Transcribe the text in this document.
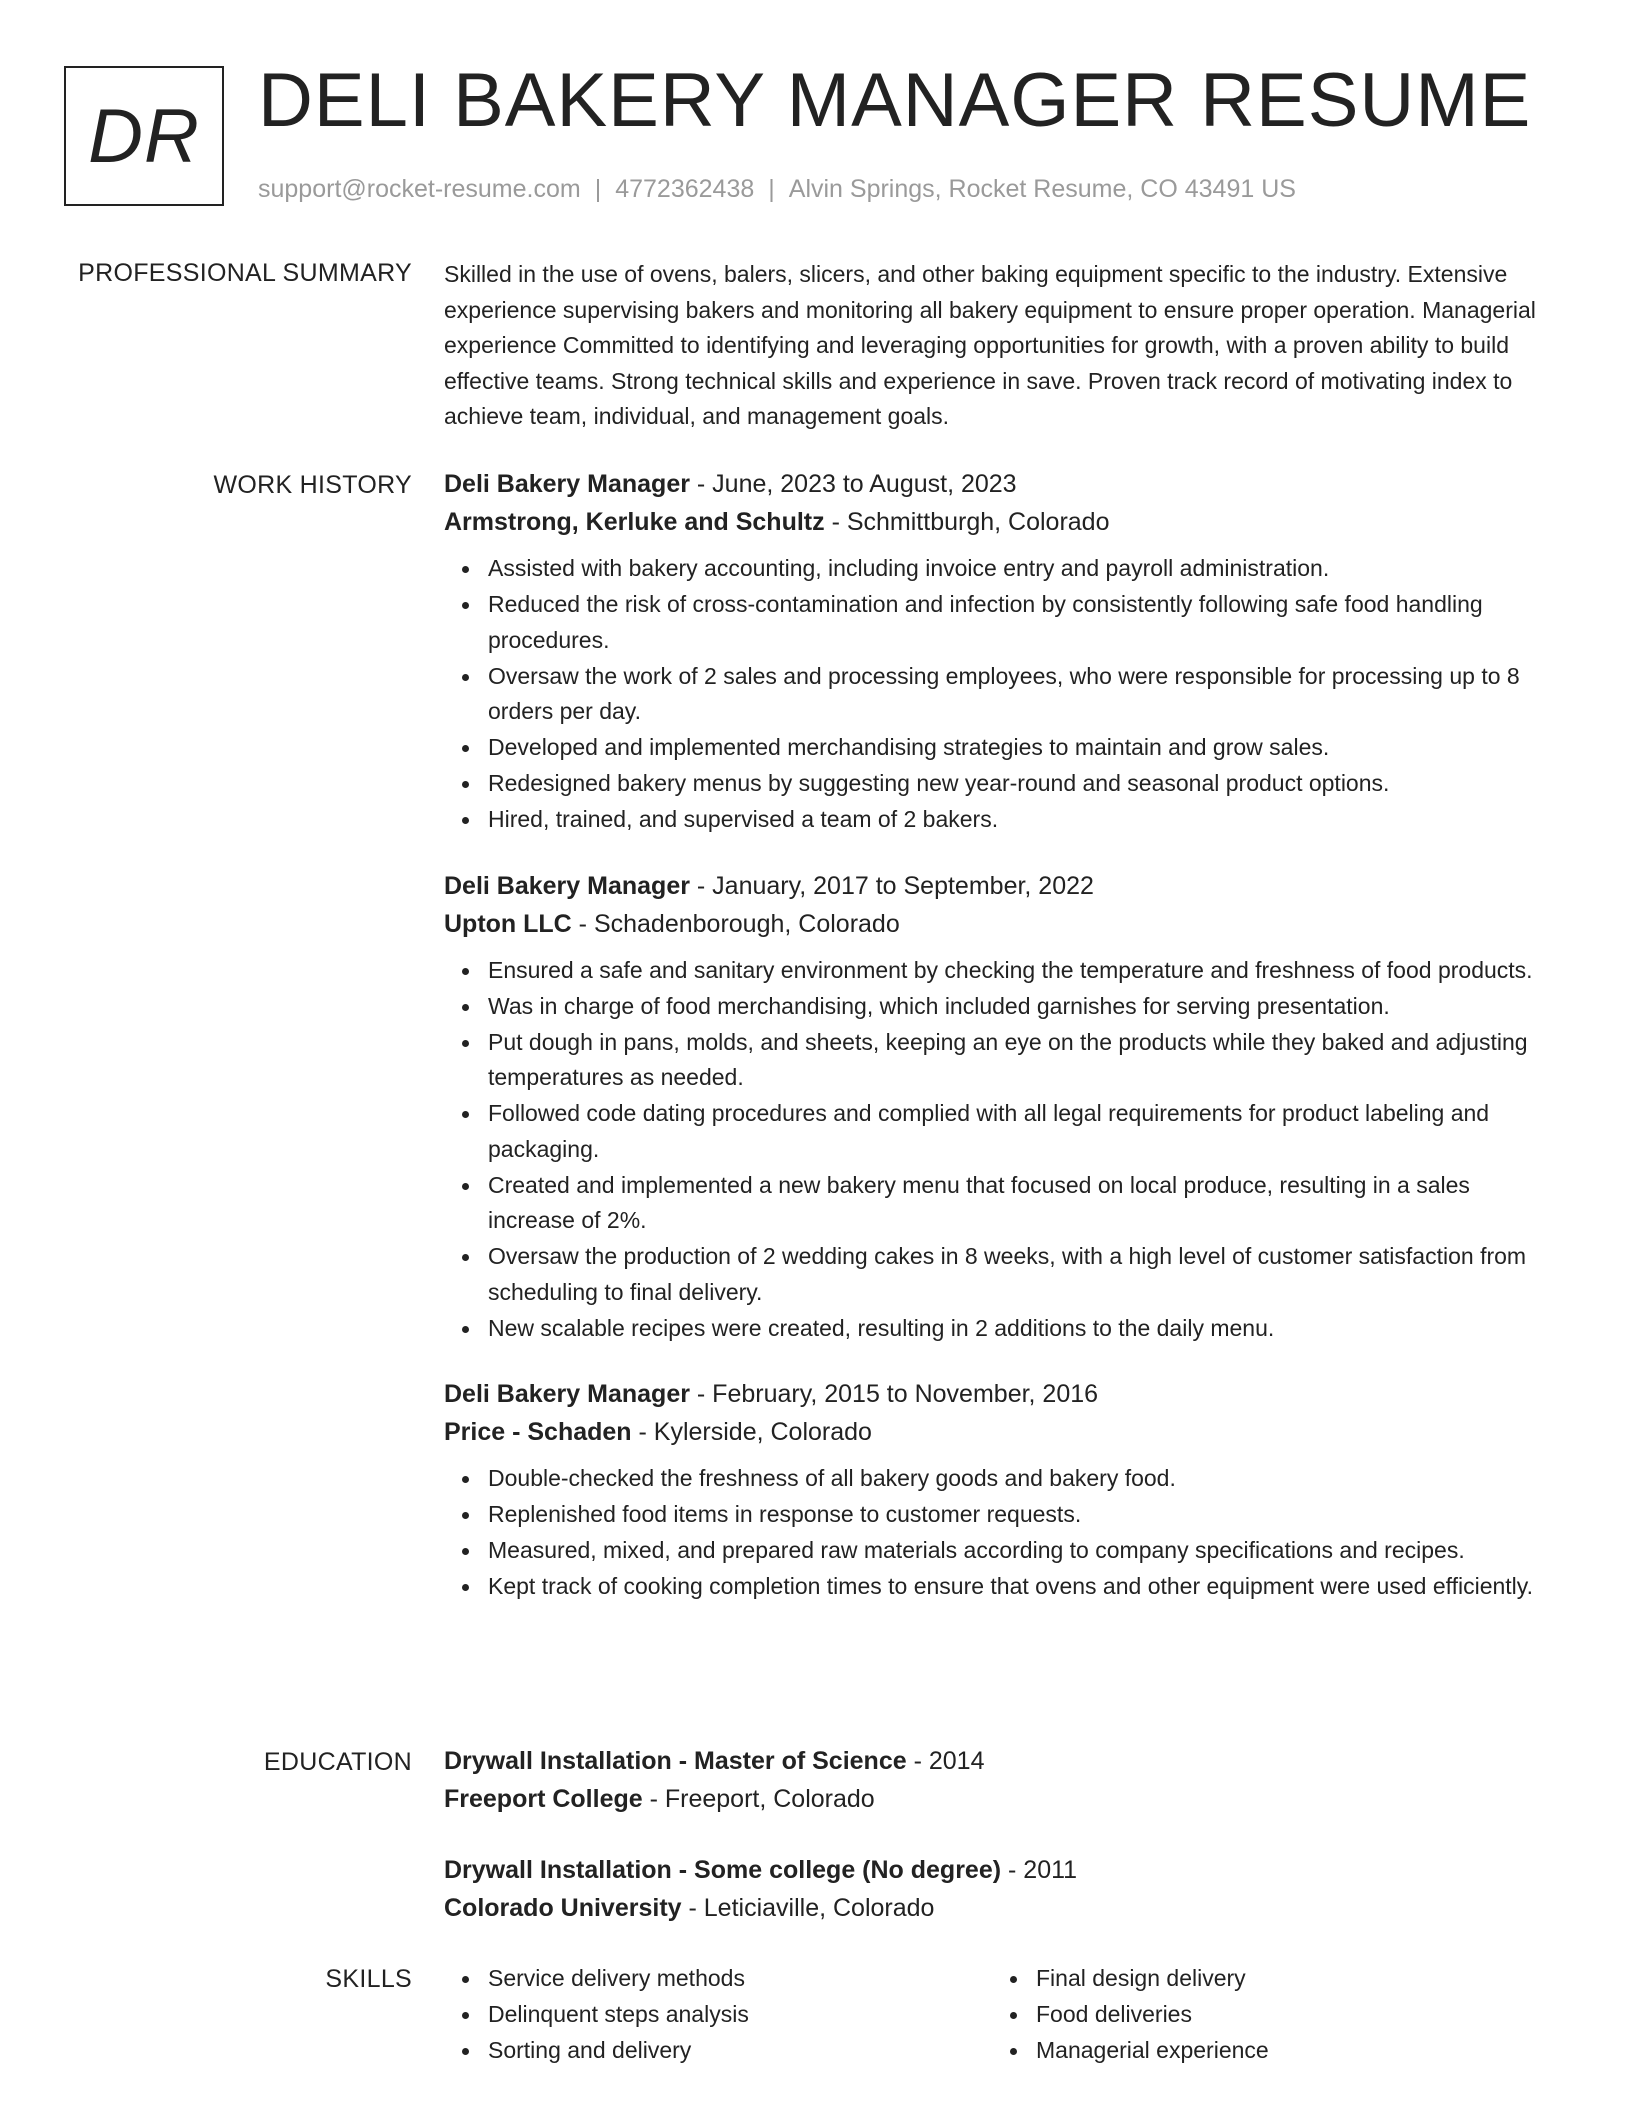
DR DELI BAKERY MANAGER RESUME
support@rocket-resume.com | 4772362438 | Alvin Springs, Rocket Resume, CO 43491 US
PROFESSIONAL SUMMARY Skilled in the use of ovens, balers, slicers, and other baking equipment specific to the industry. Extensive experience supervising bakers and monitoring all bakery equipment to ensure proper operation. Managerial experience Committed to identifying and leveraging opportunities for growth, with a proven ability to build effective teams. Strong technical skills and experience in save. Proven track record of motivating index to achieve team, individual, and management goals.

WORK HISTORY Deli Bakery Manager - June, 2023 to August, 2023
Armstrong, Kerluke and Schultz - Schmittburgh, Colorado
Assisted with bakery accounting, including invoice entry and payroll administration.
Reduced the risk of cross-contamination and infection by consistently following safe food handling procedures.
Oversaw the work of 2 sales and processing employees, who were responsible for processing up to 8 orders per day.
Developed and implemented merchandising strategies to maintain and grow sales.
Redesigned bakery menus by suggesting new year-round and seasonal product options.
Hired, trained, and supervised a team of 2 bakers.
Deli Bakery Manager - January, 2017 to September, 2022
Upton LLC - Schadenborough, Colorado
Ensured a safe and sanitary environment by checking the temperature and freshness of food products.
Was in charge of food merchandising, which included garnishes for serving presentation.
Put dough in pans, molds, and sheets, keeping an eye on the products while they baked and adjusting temperatures as needed.
Followed code dating procedures and complied with all legal requirements for product labeling and packaging.
Created and implemented a new bakery menu that focused on local produce, resulting in a sales increase of 2%.
Oversaw the production of 2 wedding cakes in 8 weeks, with a high level of customer satisfaction from scheduling to final delivery.
New scalable recipes were created, resulting in 2 additions to the daily menu.
Deli Bakery Manager - February, 2015 to November, 2016
Price - Schaden - Kylerside, Colorado
Double-checked the freshness of all bakery goods and bakery food.
Replenished food items in response to customer requests.
Measured, mixed, and prepared raw materials according to company specifications and recipes.
Kept track of cooking completion times to ensure that ovens and other equipment were used efficiently.
EDUCATION Drywall Installation - Master of Science - 2014
Freeport College - Freeport, Colorado
Drywall Installation - Some college (No degree) - 2011
Colorado University - Leticiaville, Colorado
SKILLS	Service delivery methods
Delinquent steps analysis
Sorting and delivery
Final design delivery
Food deliveries
Managerial experience
